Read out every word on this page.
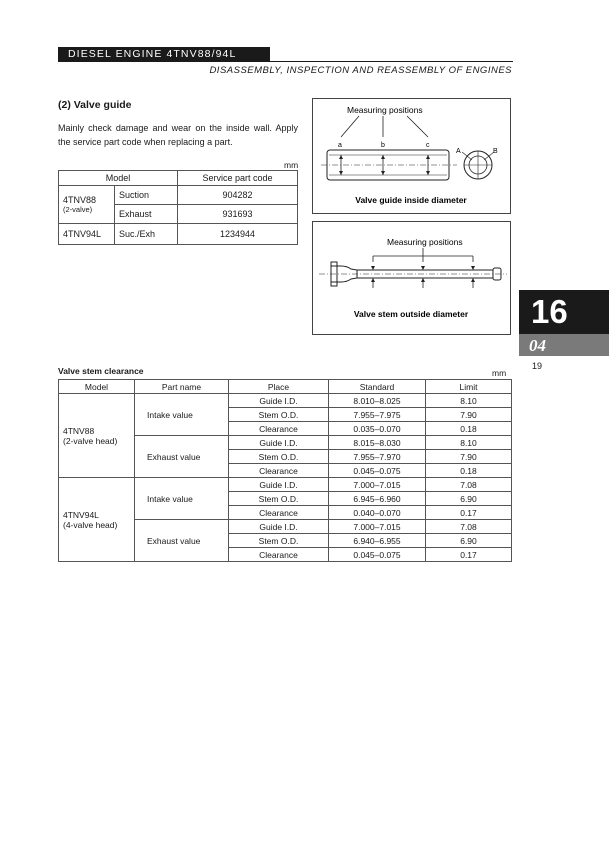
DIESEL ENGINE 4TNV88/94L
DISASSEMBLY, INSPECTION AND REASSEMBLY OF ENGINES
(2) Valve guide
Mainly check damage and wear on the inside wall. Apply the service part code when replacing a part.
mm
Model		Service part code

4TNV88
(2-valve)	Suction	904282
	Exhaust	931693
4TNV94L	Suc./Exh	1234944
Measuring positions
a	b	c
A	B
Valve guide inside diameter
Measuring positions
Valve stem outside diameter 16
04
19
Valve stem clearance	mm
Model	Part name	Place	Standard	Limit

4TNV88
(2-valve head)	Intake value	Guide I.D.	8.010–8.025	8.10
		Stem O.D.	7.955–7.975	7.90
		Clearance	0.035–0.070	0.18
	Exhaust value	Guide I.D.	8.015–8.030	8.10
		Stem O.D.	7.955–7.970	7.90
		Clearance	0.045–0.075	0.18

4TNV94L
(4-valve head)	Intake value	Guide I.D.	7.000–7.015	7.08
		Stem O.D.	6.945–6.960	6.90
		Clearance	0.040–0.070	0.17
	Exhaust value	Guide I.D.	7.000–7.015	7.08
		Stem O.D.	6.940–6.955	6.90
		Clearance	0.045–0.075	0.17
